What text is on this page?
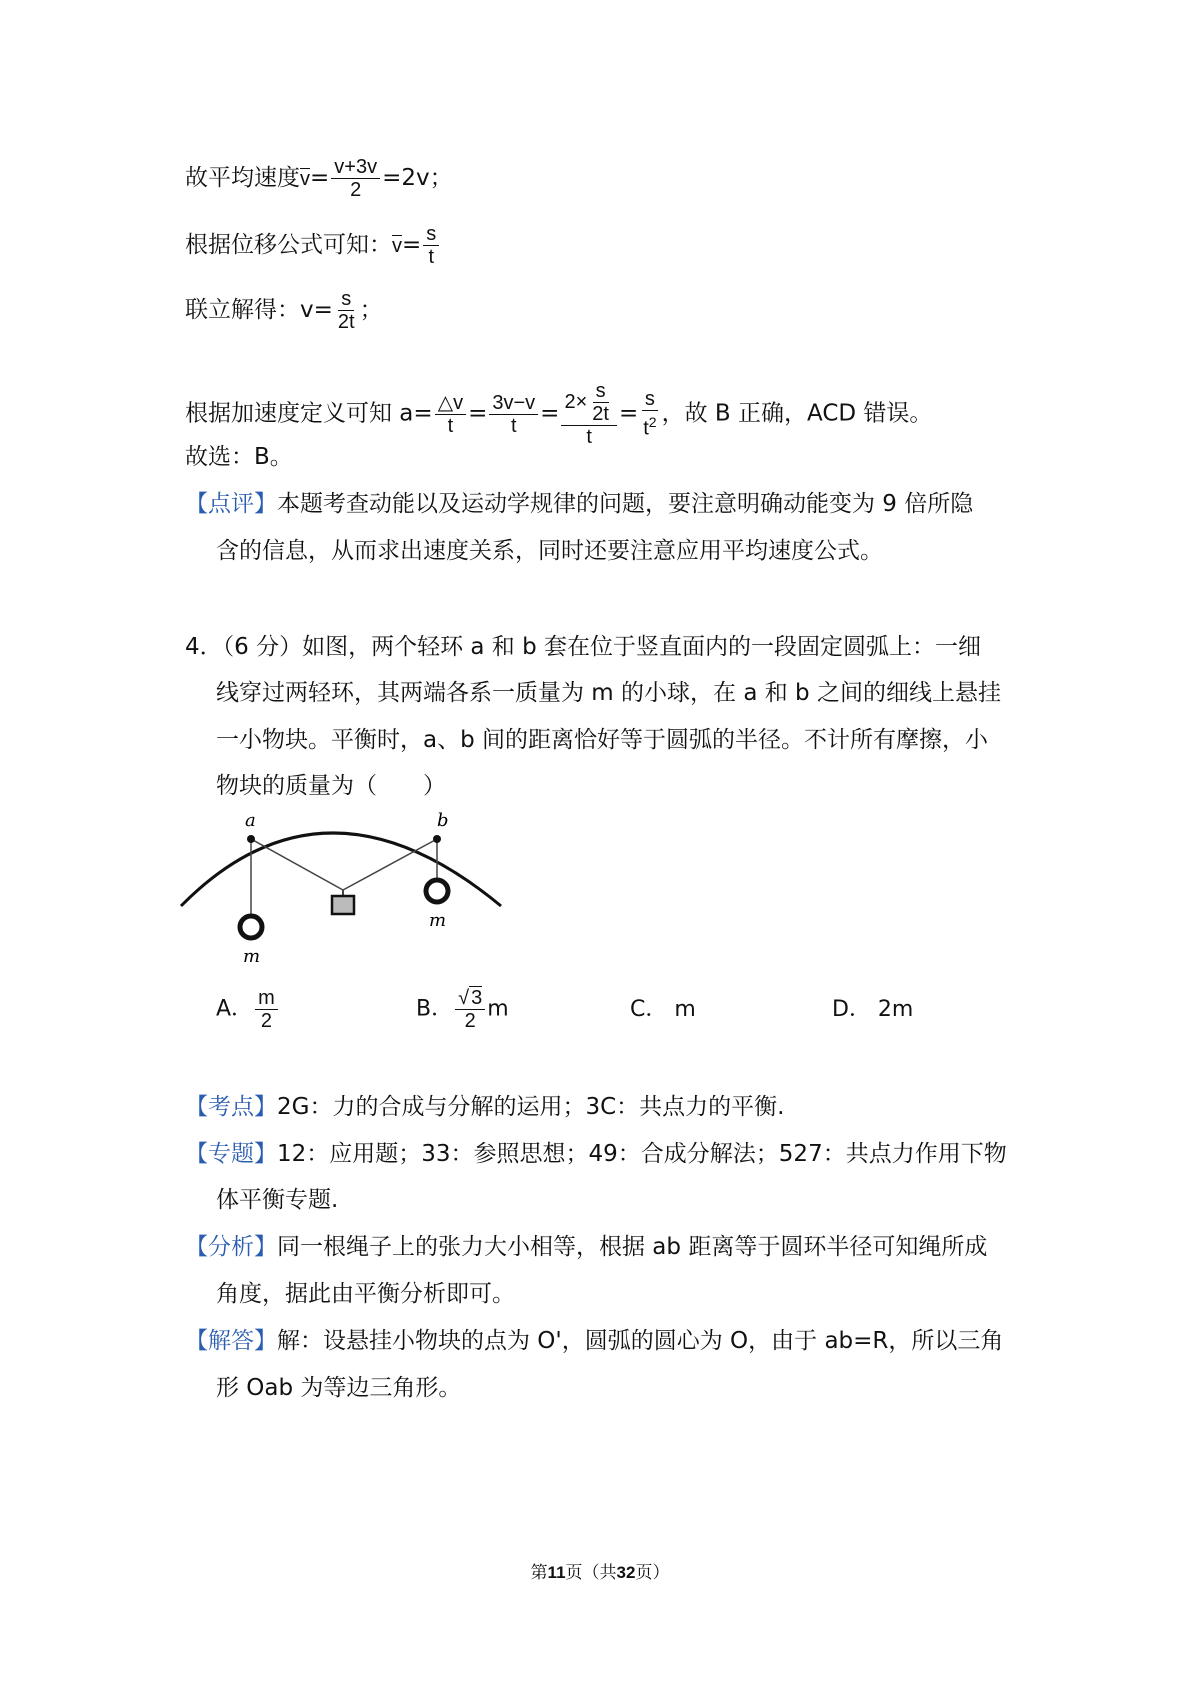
故平均速度$v= \frac{v+3v}{2} =2v$；
根据位移公式可知：$v= \frac{s}{t}$
联立解得：$v= \frac{s}{2t}$ ；
根据加速度定义可知 $a= \frac{\triangle v}{t} = \frac{3v-v}{t} = \frac{2\times \frac{s}{2t}}{t} = \frac{s}{t^2}$ ，故 B 正确，ACD 错误。
故选：B。
【点评】本题考查动能以及运动学规律的问题，要注意明确动能变为 9 倍所隐
含的信息，从而求出速度关系，同时还要注意应用平均速度公式。
4．（6 分）如图，两个轻环 a 和 b 套在位于竖直面内的一段固定圆弧上：一细
线穿过两轻环，其两端各系一质量为 m 的小球，在 a 和 b 之间的细线上悬挂
一小物块。平衡时，a、b 间的距离恰好等于圆弧的半径。不计所有摩擦，小
物块的质量为（　　）
a	b
m
m
A． $\frac{m}{2}$	B． $\frac{√ 3}{2}$ m	C． m	D． 2m
【考点】2G：力的合成与分解的运用；3C：共点力的平衡.
【专题】12：应用题；33：参照思想；49：合成分解法；527：共点力作用下物
体平衡专题.
【分析】同一根绳子上的张力大小相等，根据 ab 距离等于圆环半径可知绳所成
角度，据此由平衡分析即可。
【解答】解：设悬挂小物块的点为 O'，圆弧的圆心为 O，由于 ab=R，所以三角
形 Oab 为等边三角形。
第11页（共32页）
